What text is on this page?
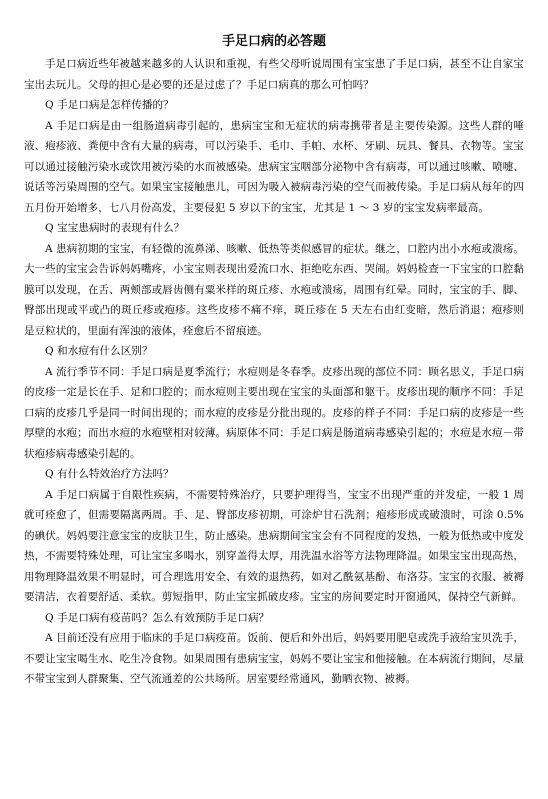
手足口病的必答题

手足口病近些年被越来越多的人认识和重视，有些父母听说周围有宝宝患了手足口病，甚至不让自家宝宝出去玩儿。父母的担心是必要的还是过虑了？手足口病真的那么可怕吗？

Q 手足口病是怎样传播的？

A 手足口病是由一组肠道病毒引起的，患病宝宝和无症状的病毒携带者是主要传染源。这些人群的唾液、疱疹液、粪便中含有大量的病毒，可以污染手、毛巾、手帕、水杯、牙刷、玩具、餐具、衣物等。宝宝可以通过接触污染水或饮用被污染的水而被感染。患病宝宝咽部分泌物中含有病毒，可以通过咳嗽、喷嚏、说话等污染周围的空气。如果宝宝接触患儿，可因为吸入被病毒污染的空气而被传染。手足口病从每年的四五月份开始增多，七八月份高发，主要侵犯 5 岁以下的宝宝，尤其是 1 ～ 3 岁的宝宝发病率最高。

Q 宝宝患病时的表现有什么？

A 患病初期的宝宝，有轻微的流鼻涕、咳嗽、低热等类似感冒的症状。继之，口腔内出小水疱或溃疡。大一些的宝宝会告诉妈妈嘴疼，小宝宝则表现出爱流口水、拒绝吃东西、哭闹。妈妈检查一下宝宝的口腔黏膜可以发现，在舌、两颊部或唇齿侧有粟米样的斑丘疹、水疱或溃疡，周围有红晕。同时，宝宝的手、脚、臀部出现或平或凸的斑丘疹或疱疹。这些皮疹不痛不痒，斑丘疹在 5 天左右由红变暗，然后消退；疱疹则是豆粒状的，里面有浑浊的液体，痊愈后不留痕迹。

Q 和水痘有什么区别？

A 流行季节不同：手足口病是夏季流行；水痘则是冬春季。皮疹出现的部位不同：顾名思义，手足口病的皮疹一定是长在手、足和口腔的；而水痘则主要出现在宝宝的头面部和躯干。皮疹出现的顺序不同：手足口病的皮疹几乎是同一时间出现的；而水痘的皮疹是分批出现的。皮疹的样子不同：手足口病的皮疹是一些厚壁的水疱；而出水痘的水疱壁相对较薄。病原体不同：手足口病是肠道病毒感染引起的；水痘是水痘－带状疱疹病毒感染引起的。

Q 有什么特效治疗方法吗？

A 手足口病属于自限性疾病，不需要特殊治疗，只要护理得当，宝宝不出现严重的并发症，一般 1 周就可痊愈了，但需要隔离两周。手、足、臀部皮疹初期，可涂炉甘石洗剂；疱疹形成或破溃时，可涂 0.5% 的碘伏。妈妈要注意宝宝的皮肤卫生，防止感染。患病期间宝宝会有不同程度的发热，一般为低热或中度发热，不需要特殊处理，可让宝宝多喝水，别穿盖得太厚，用洗温水浴等方法物理降温。如果宝宝出现高热，用物理降温效果不明显时，可合理选用安全、有效的退热药，如对乙酰氨基酚、布洛芬。宝宝的衣服、被褥要清洁，衣着要舒适、柔软。剪短指甲，防止宝宝抓破皮疹。宝宝的房间要定时开窗通风，保持空气新鲜。

Q 手足口病有疫苗吗？怎么有效预防手足口病？

A 目前还没有应用于临床的手足口病疫苗。饭前、便后和外出后，妈妈要用肥皂或洗手液给宝贝洗手，不要让宝宝喝生水、吃生冷食物。如果周围有患病宝宝，妈妈不要让宝宝和他接触。在本病流行期间，尽量不带宝宝到人群聚集、空气流通差的公共场所。居室要经常通风，勤晒衣物、被褥。
